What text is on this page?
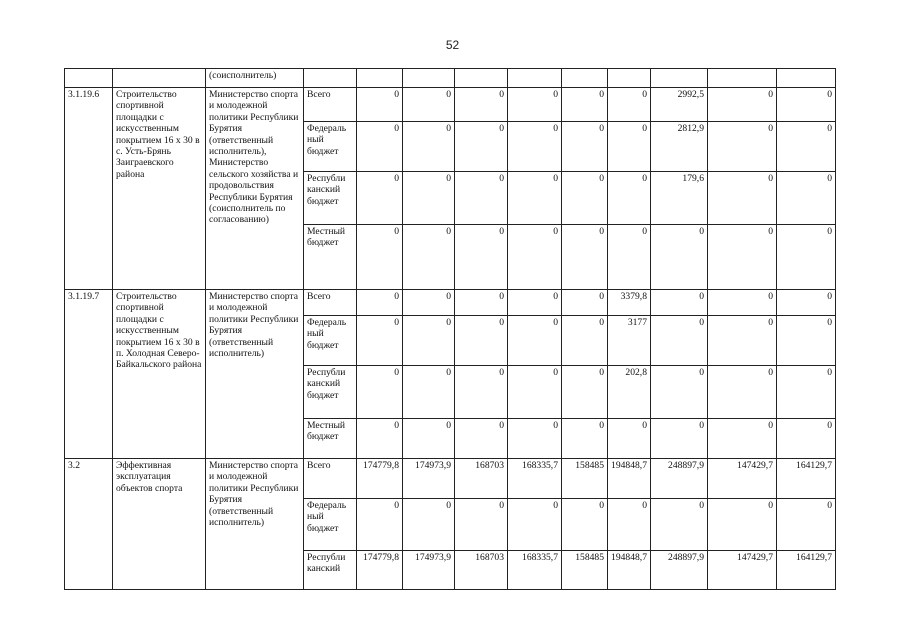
52
		(соисполнитель)										
3.1.19.6	Строительство спортивной площадки с искусственным покрытием 16 х 30 в с. Усть-Брянь Заиграевского района	Министерство спорта и молодежной политики Республики Бурятия (ответственный исполнитель), Министерство сельского хозяйства и продовольствия Республики Бурятия (соисполнитель по согласованию)	Всего	0	0	0	0	0	0	2992,5	0	0
			Федераль ный бюджет	0	0	0	0	0	0	2812,9	0	0
			Республи канский бюджет	0	0	0	0	0	0	179,6	0	0
			Местный бюджет	0	0	0	0	0	0	0	0	0
3.1.19.7	Строительство спортивной площадки с искусственным покрытием 16 х 30 в п. Холодная Северо-Байкальского района	Министерство спорта и молодежной политики Республики Бурятия (ответственный исполнитель)	Всего	0	0	0	0	0	3379,8	0	0	0
			Федераль ный бюджет	0	0	0	0	0	3177	0	0	0
			Республи канский бюджет	0	0	0	0	0	202,8	0	0	0
			Местный бюджет	0	0	0	0	0	0	0	0	0
3.2	Эффективная эксплуатация объектов спорта	Министерство спорта и молодежной политики Республики Бурятия (ответственный исполнитель)	Всего	174779,8	174973,9	168703	168335,7	158485	194848,7	248897,9	147429,7	164129,7
			Федераль ный бюджет	0	0	0	0	0	0	0	0	0
			Республи канский	174779,8	174973,9	168703	168335,7	158485	194848,7	248897,9	147429,7	164129,7
